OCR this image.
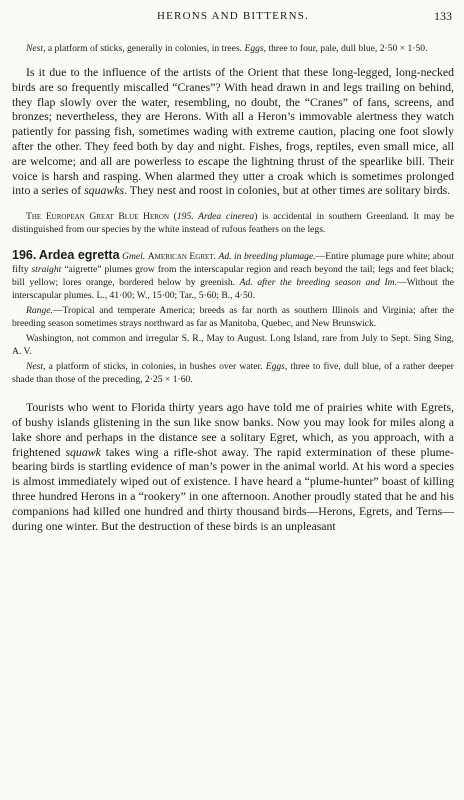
HERONS AND BITTERNS.	133

Nest, a platform of sticks, generally in colonies, in trees. Eggs, three to four, pale, dull blue, 2·50 × 1·50.

Is it due to the influence of the artists of the Orient that these long-legged, long-necked birds are so frequently miscalled “Cranes”? With head drawn in and legs trailing on behind, they flap slowly over the water, resembling, no doubt, the “Cranes” of fans, screens, and bronzes; nevertheless, they are Herons. With all a Heron’s immovable alertness they watch patiently for passing fish, sometimes wading with extreme caution, placing one foot slowly after the other. They feed both by day and night. Fishes, frogs, reptiles, even small mice, all are welcome; and all are powerless to escape the lightning thrust of the spearlike bill. Their voice is harsh and rasping. When alarmed they utter a croak which is sometimes prolonged into a series of squawks. They nest and roost in colonies, but at other times are solitary birds.

The European Great Blue Heron (195. Ardea cinerea) is accidental in southern Greenland. It may be distinguished from our species by the white instead of rufous feathers on the legs.

196. Ardea egretta Gmel. American Egret. Ad. in breeding plumage.—Entire plumage pure white; about fifty straight “aigrette” plumes grow from the interscapular region and reach beyond the tail; legs and feet black; bill yellow; lores orange, bordered below by greenish. Ad. after the breeding season and Im.—Without the interscapular plumes. L., 41·00; W., 15·00; Tar., 5·60; B., 4·50.

Range.—Tropical and temperate America; breeds as far north as southern Illinois and Virginia; after the breeding season sometimes strays northward as far as Manitoba, Quebec, and New Brunswick.

Washington, not common and irregular S. R., May to August. Long Island, rare from July to Sept. Sing Sing, A. V.

Nest, a platform of sticks, in colonies, in bushes over water. Eggs, three to five, dull blue, of a rather deeper shade than those of the preceding, 2·25 × 1·60.

Tourists who went to Florida thirty years ago have told me of prairies white with Egrets, of bushy islands glistening in the sun like snow banks. Now you may look for miles along a lake shore and perhaps in the distance see a solitary Egret, which, as you approach, with a frightened squawk takes wing a rifle-shot away. The rapid extermination of these plume-bearing birds is startling evidence of man’s power in the animal world. At his word a species is almost immediately wiped out of existence. I have heard a “plume-hunter” boast of killing three hundred Herons in a “rookery” in one afternoon. Another proudly stated that he and his companions had killed one hundred and thirty thousand birds—Herons, Egrets, and Terns—during one winter. But the destruction of these birds is an unpleasant
